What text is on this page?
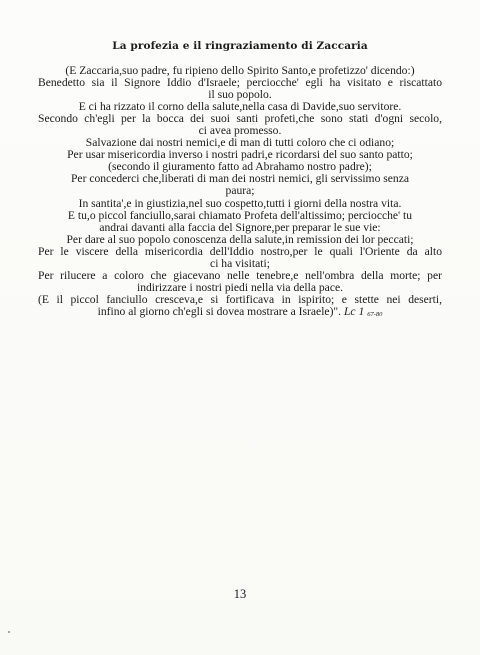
La profezia e il ringraziamento di Zaccaria
(E Zaccaria,suo padre, fu ripieno dello Spirito Santo,e profetizzo' dicendo:)
Benedetto sia il Signore Iddio d'Israele; perciocche' egli ha visitato e riscattato
il suo popolo.
E ci ha rizzato il corno della salute,nella casa di Davide,suo servitore.
Secondo ch'egli per la bocca dei suoi santi profeti,che sono stati d'ogni secolo,
ci avea promesso.
Salvazione dai nostri nemici,e di man di tutti coloro che ci odiano;
Per usar misericordia inverso i nostri padri,e ricordarsi del suo santo patto;
(secondo il giuramento fatto ad Abrahamo nostro padre);
Per concederci che,liberati di man dei nostri nemici, gli servissimo senza
paura;
In santita',e in giustizia,nel suo cospetto,tutti i giorni della nostra vita.
E tu,o piccol fanciullo,sarai chiamato Profeta dell'altissimo; perciocche' tu
andrai davanti alla faccia del Signore,per preparar le sue vie:
Per dare al suo popolo conoscenza della salute,in remission dei lor peccati;
Per le viscere della misericordia dell'Iddio nostro,per le quali l'Oriente da alto
ci ha visitati;
Per rilucere a coloro che giacevano nelle tenebre,e nell'ombra della morte; per
indirizzare i nostri piedi nella via della pace.
(E il piccol fanciullo cresceva,e si fortificava in ispirito; e stette nei deserti,
infino al giorno ch'egli si dovea mostrare a Israele)". Lc 1 67-80
13
